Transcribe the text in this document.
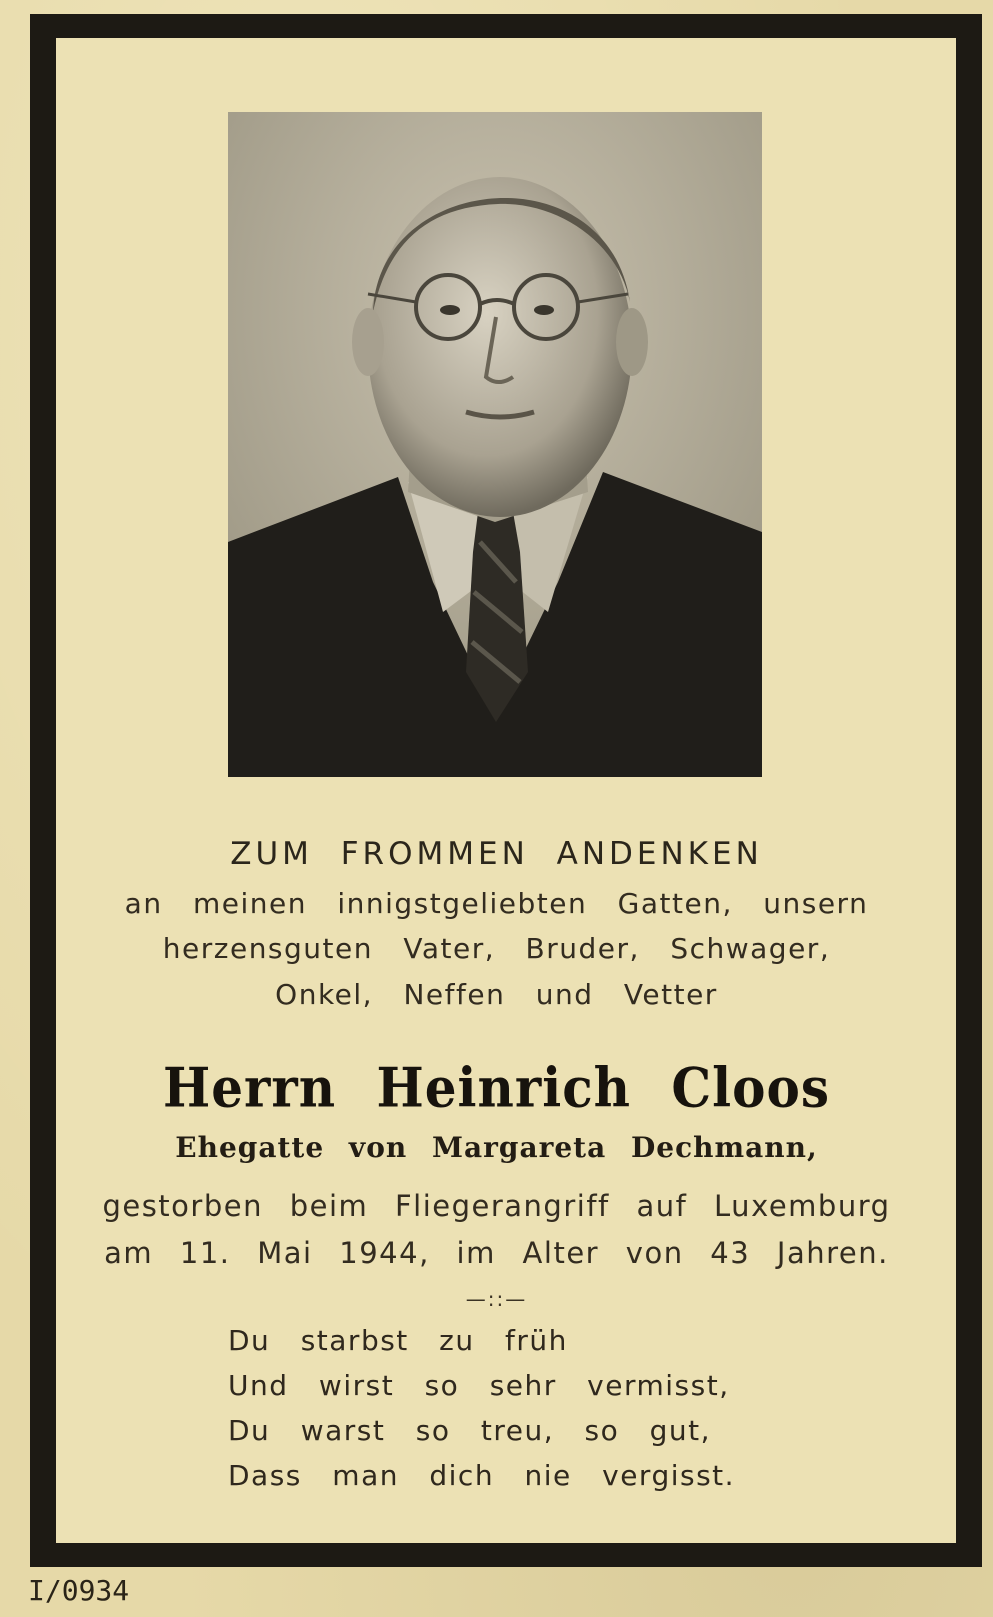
ZUM FROMMEN ANDENKEN
an meinen innigstgeliebten Gatten, unsern
herzensguten Vater, Bruder, Schwager,
Onkel, Neffen und Vetter
Herrn Heinrich Cloos
Ehegatte von Margareta Dechmann,
gestorben beim Fliegerangriff auf Luxemburg
am 11. Mai 1944, im Alter von 43 Jahren.
—::—
Du starbst zu früh
Und wirst so sehr vermisst,
Du warst so treu, so gut,
Dass man dich nie vergisst.
I/0934
